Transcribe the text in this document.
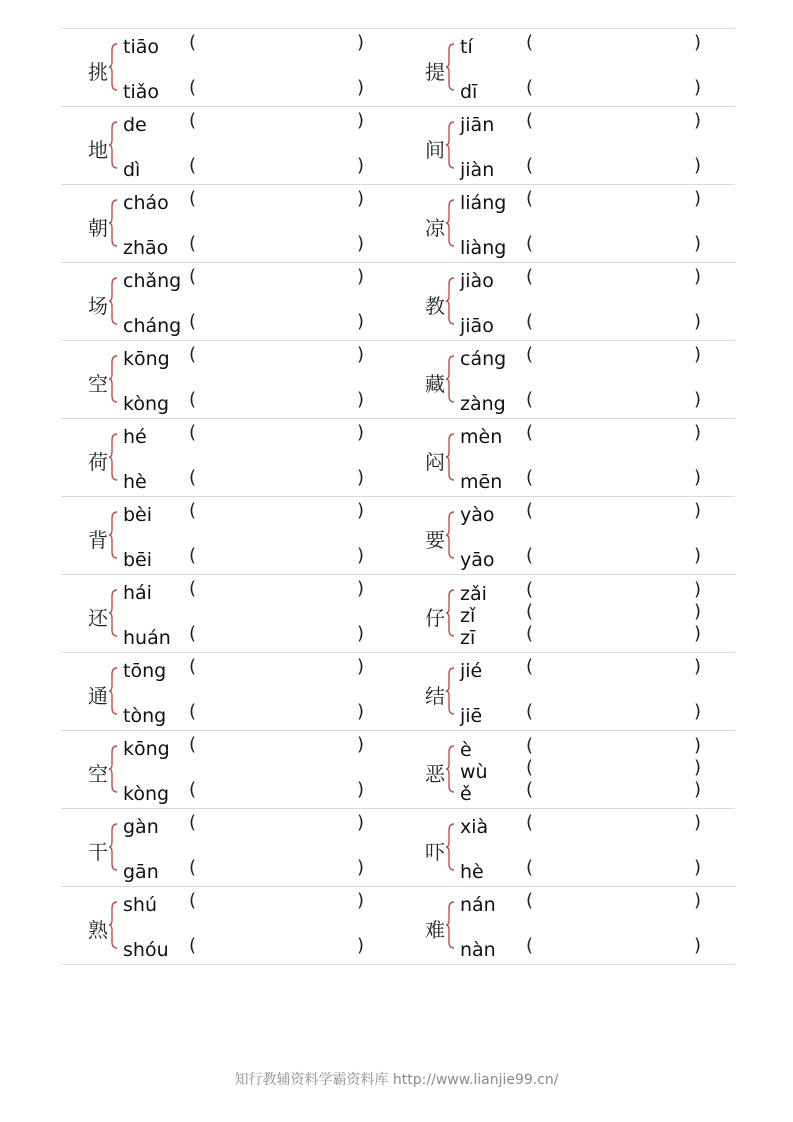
挑
tiāo (	)
tiǎo (	)
提
tí	(	)
dī	(	)
地
de (	)
dì	(	)
间
jiān (	)
jiàn (	)
朝
cháo (	)
zhāo (	)
凉
liáng (	)
liàng (	)
场
chǎng (	)
cháng (	)
教
jiào (	)
jiāo (	)
空
kōng (	)
kòng (	)
藏
cáng (	)
zàng (	)
荷
hé (	)
hè (	)
闷
mèn (	)
mēn (	)
背
bèi (	)
bēi (	)
要
yào (	)
yāo (	)
还
hái (	)
huán (	)
仔
zǎi (	)
zǐ	(	)
zī	(	)
通
tōng (	)
tòng (	)
结
jié (	)
jiē (	)
空
kōng (	)
kòng (	)
恶
è	(	)
wù (	)
ě	(	)
干
gàn (	)
gān (	)
吓
xià (	)
hè (	)
熟
shú (	)
shóu (	)
难
nán (	)
nàn (	)
知行教辅资料学霸资料库 http://www.lianjie99.cn/
